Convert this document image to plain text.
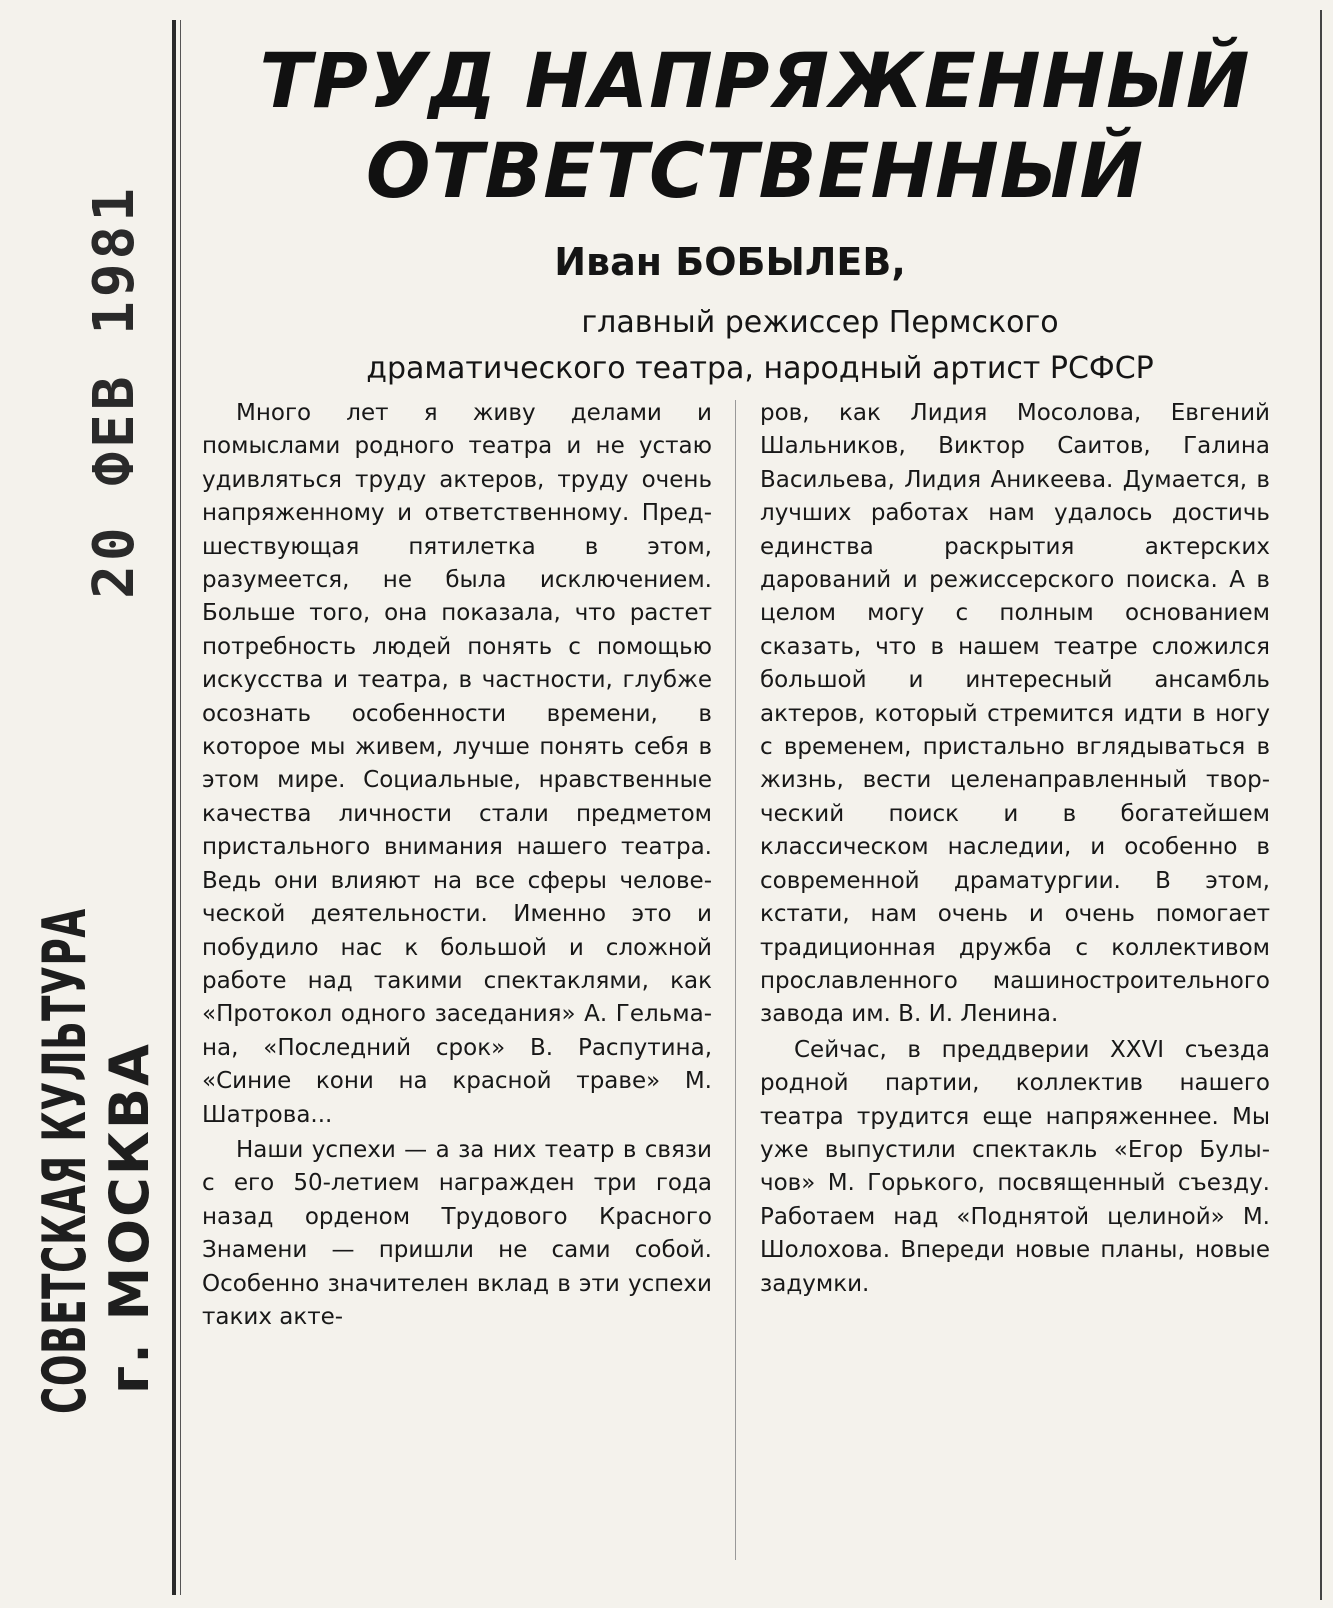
20 ФЕВ 1981
СОВЕТСКАЯ КУЛЬТУРА
г. МОСКВА
ТРУД НАПРЯЖЕННЫЙ
ОТВЕТСТВЕННЫЙ
Иван БОБЫЛЕВ,
главный режиссер Пермского
драматического театра, народный артист РСФСР

Много лет я живу делами и помыслами родного театра и не устаю удивляться труду актеров, труду очень напряженному и ответственному. Предшествующая пятилетка в этом, разумеется, не была исключением. Больше того, она показала, что растет потребность людей понять с помощью искусства и театра, в частности, глубже осознать особенности времени, в которое мы живем, лучше понять себя в этом мире. Социальные, нравственные качества личности стали предметом пристального внимания нашего театра. Ведь они влияют на все сферы человеческой деятельности. Именно это и побудило нас к большой и сложной работе над такими спектаклями, как «Протокол одного заседания» А. Гельмана, «Последний срок» В. Распутина, «Синие кони на красной траве» М. Шатрова...

Наши успехи — а за них театр в связи с его 50-летием награжден три года назад орденом Трудового Красного Знамени — пришли не сами собой. Особенно значителен вклад в эти успехи таких акте-

ров, как Лидия Мосолова, Евгений Шальников, Виктор Саитов, Галина Васильева, Лидия Аникеева. Думается, в лучших работах нам удалось достичь единства раскрытия актерских дарований и режиссерского поиска. А в целом могу с полным основанием сказать, что в нашем театре сложился большой и интересный ансамбль актеров, который стремится идти в ногу с временем, пристально вглядываться в жизнь, вести целенаправленный творческий поиск и в богатейшем классическом наследии, и особенно в современной драматургии. В этом, кстати, нам очень и очень помогает традиционная дружба с коллективом прославленного машиностроительного завода им. В. И. Ленина.

Сейчас, в преддверии XXVI съезда родной партии, коллектив нашего театра трудится еще напряженнее. Мы уже выпустили спектакль «Егор Булычов» М. Горького, посвященный съезду. Работаем над «Поднятой целиной» М. Шолохова. Впереди новые планы, новые задумки.
